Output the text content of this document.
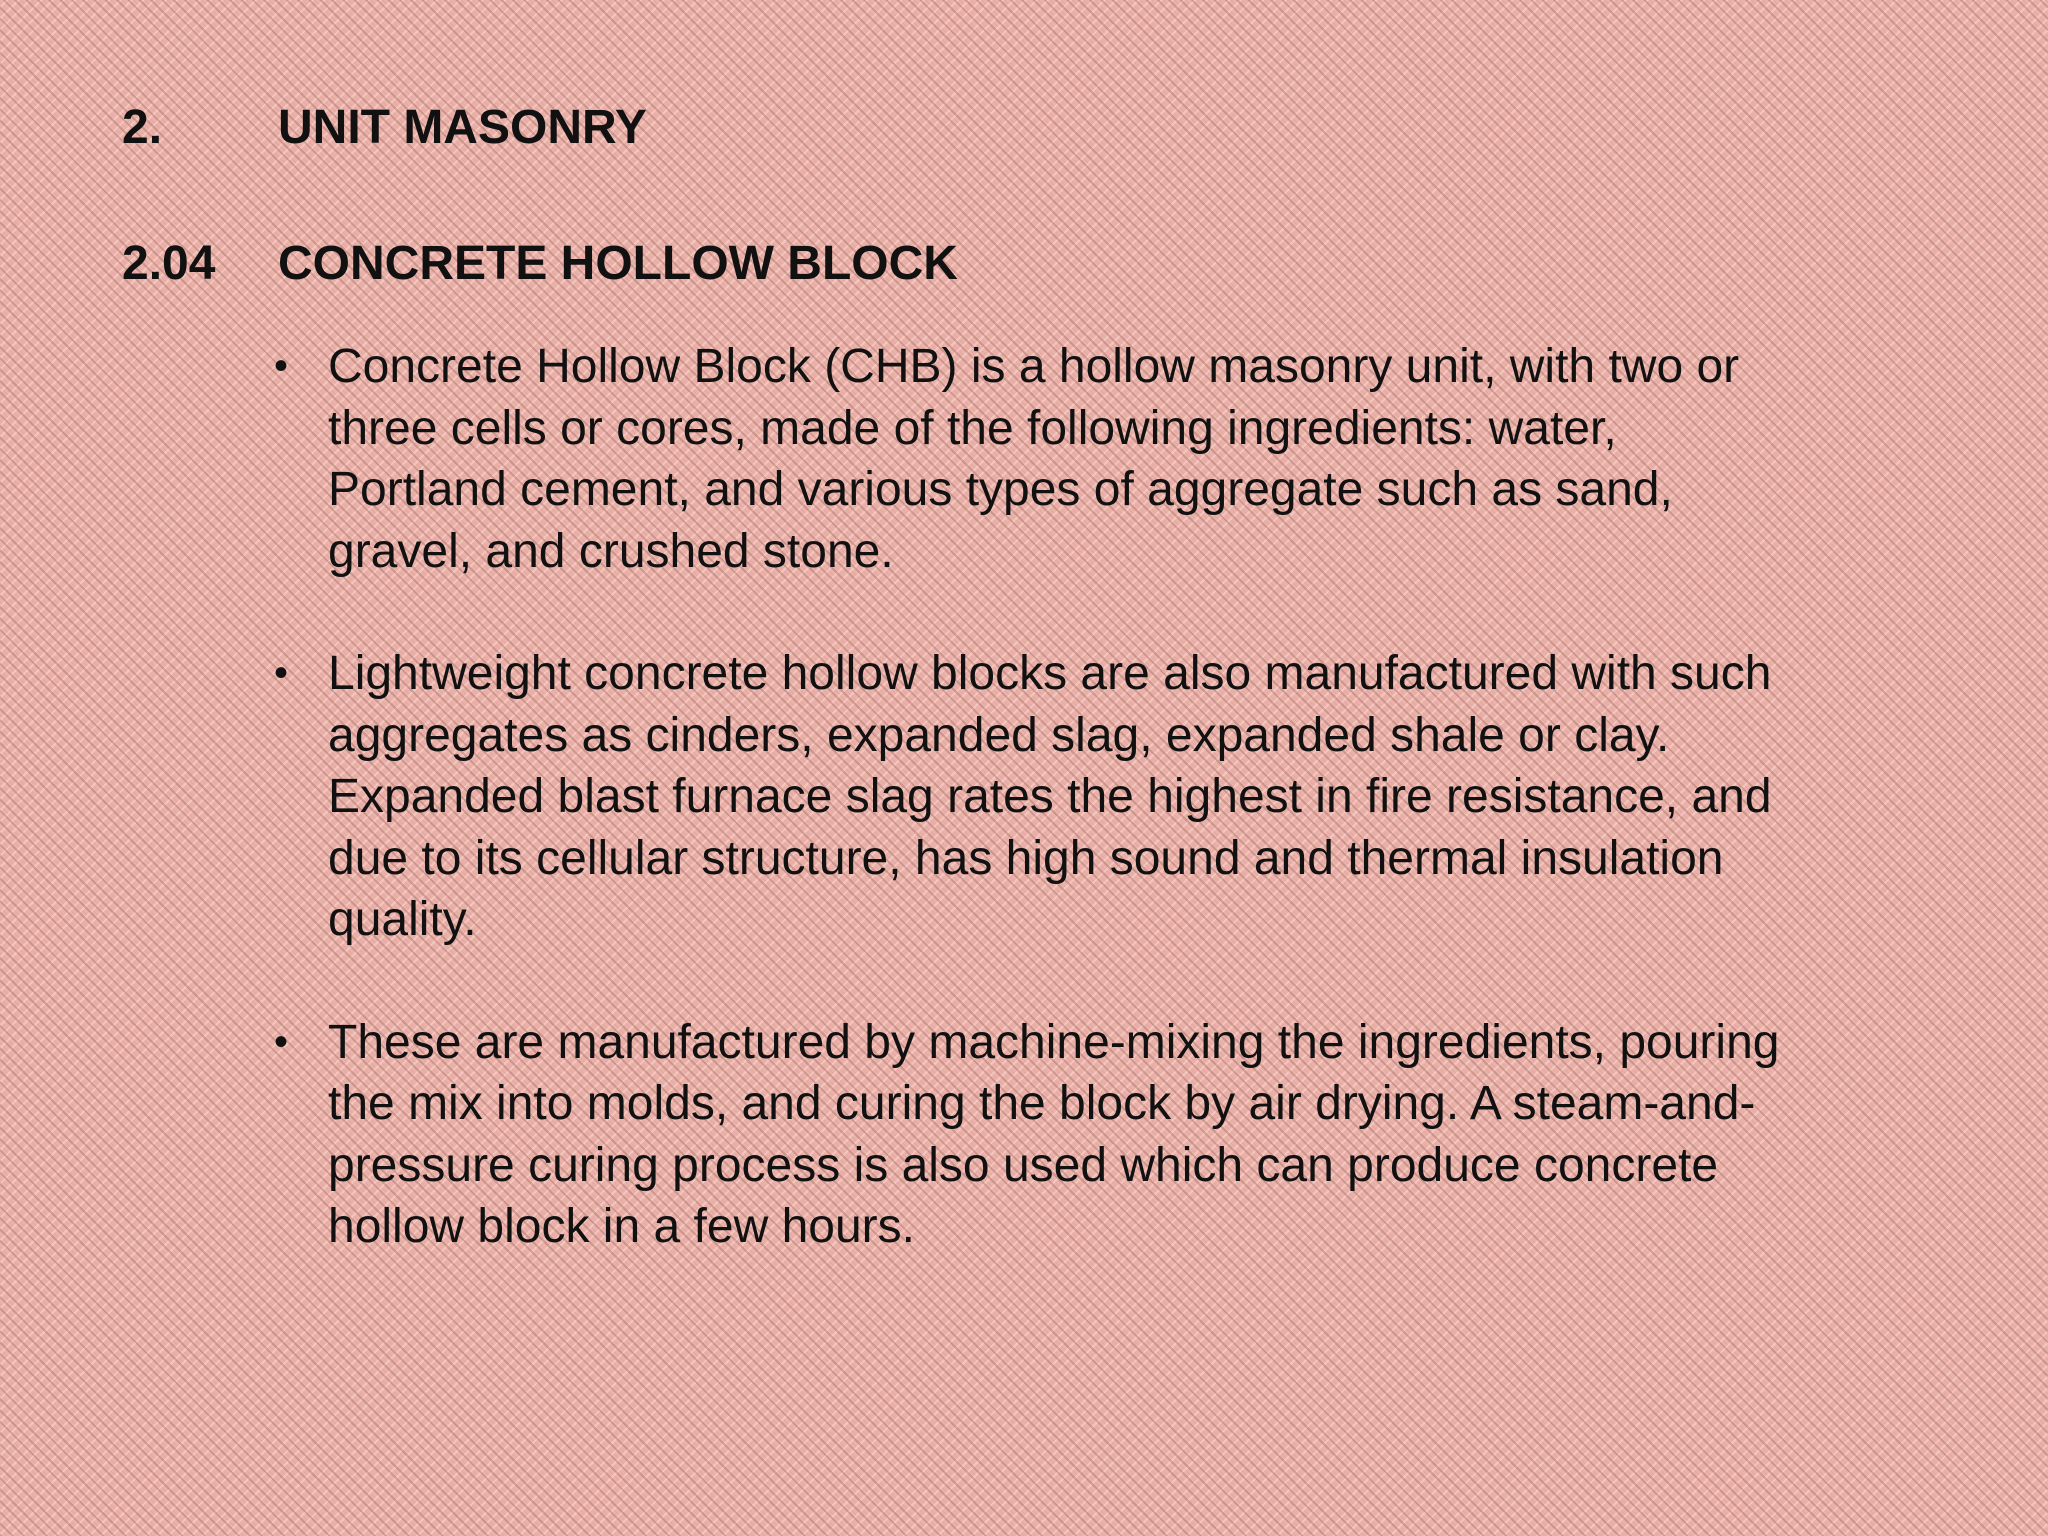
2.	UNIT MASONRY
2.04	CONCRETE HOLLOW BLOCK
• Concrete Hollow Block (CHB) is a hollow masonry unit, with two or three cells or cores, made of the following ingredients: water, Portland cement, and various types of aggregate such as sand, gravel, and crushed stone.
• Lightweight concrete hollow blocks are also manufactured with such aggregates as cinders, expanded slag, expanded shale or clay. Expanded blast furnace slag rates the highest in fire resistance, and due to its cellular structure, has high sound and thermal insulation quality.
• These are manufactured by machine-mixing the ingredients, pouring the mix into molds, and curing the block by air drying. A steam-and-pressure curing process is also used which can produce concrete hollow block in a few hours.
